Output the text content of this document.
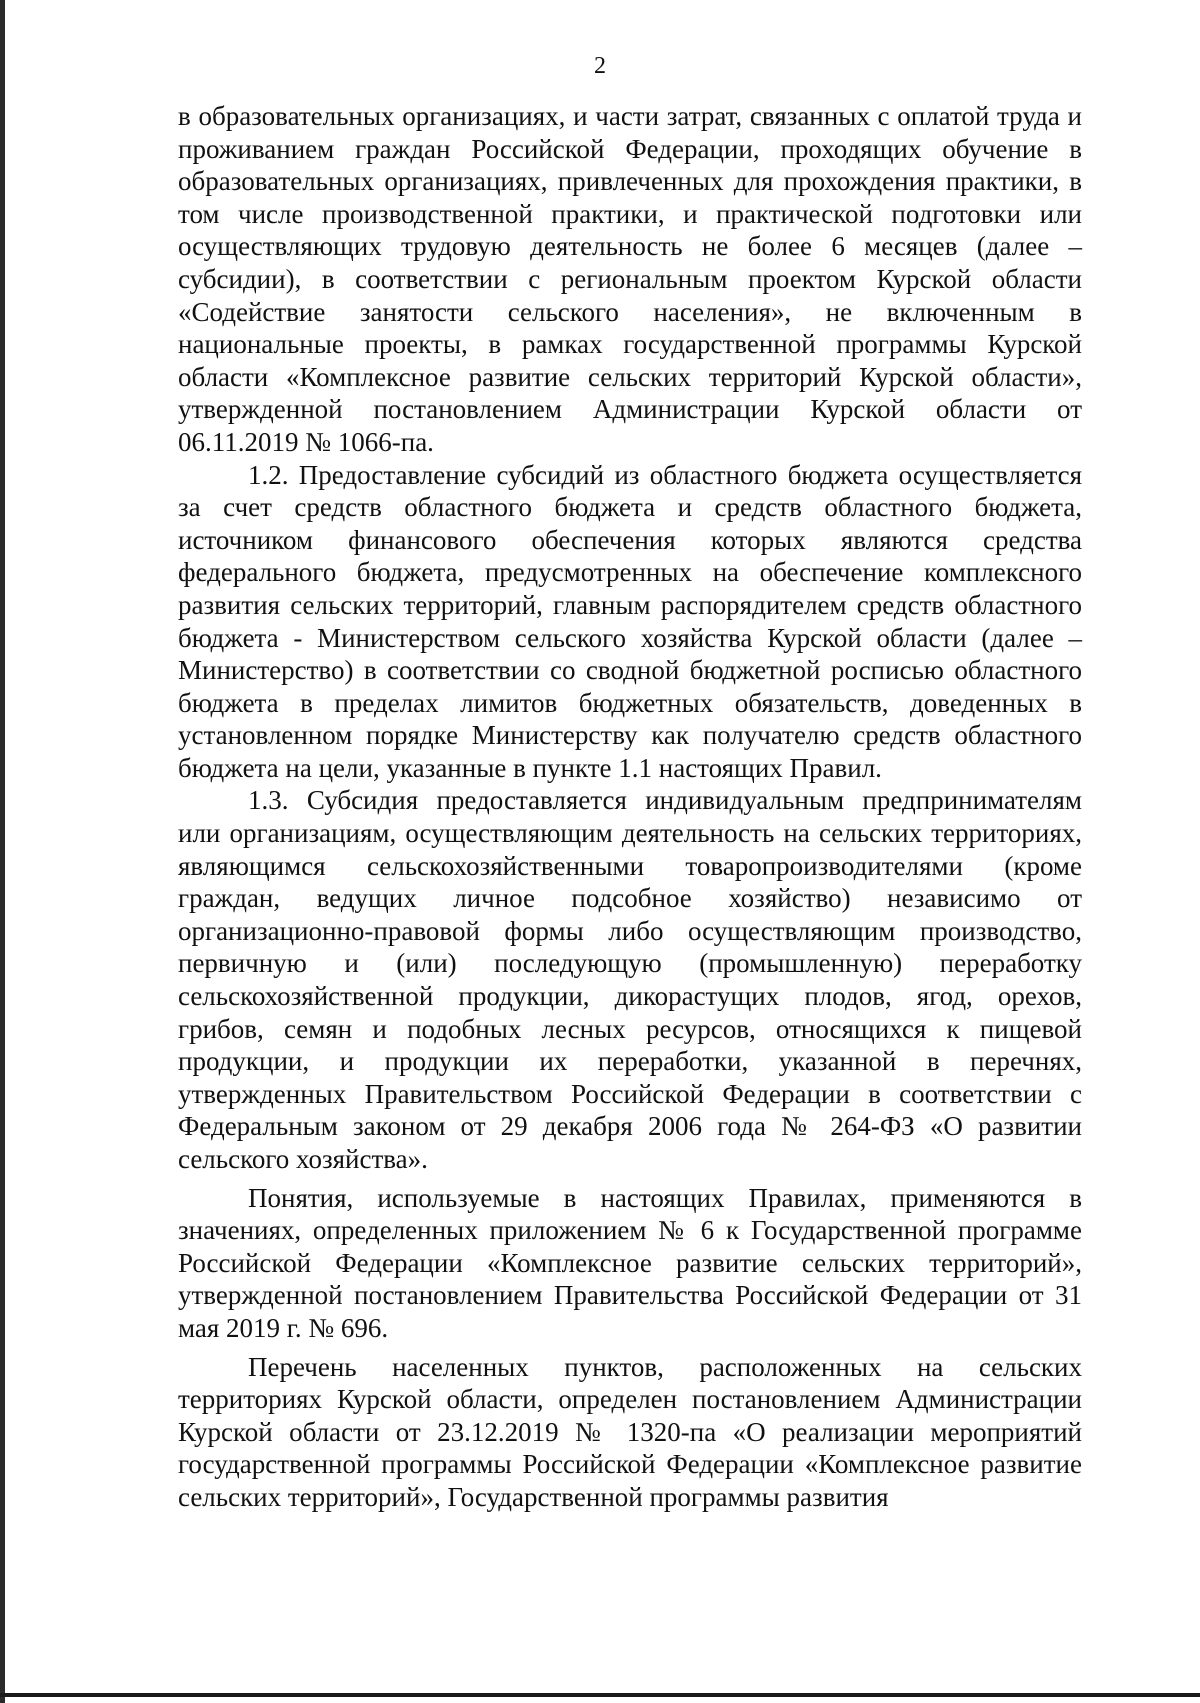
2

в образовательных организациях, и части затрат, связанных с оплатой труда и проживанием граждан Российской Федерации, проходящих обучение в образовательных организациях, привлеченных для прохождения практики, в том числе производственной практики, и практической подготовки или осуществляющих трудовую деятельность не более 6 месяцев (далее – субсидии), в соответствии с региональным проектом Курской области «Содействие занятости сельского населения», не включенным в национальные проекты, в рамках государственной программы Курской области «Комплексное развитие сельских территорий Курской области», утвержденной постановлением Администрации Курской области от 06.11.2019 № 1066-па.

1.2. Предоставление субсидий из областного бюджета осуществляется за счет средств областного бюджета и средств областного бюджета, источником финансового обеспечения которых являются средства федерального бюджета, предусмотренных на обеспечение комплексного развития сельских территорий, главным распорядителем средств областного бюджета - Министерством сельского хозяйства Курской области (далее – Министерство) в соответствии со сводной бюджетной росписью областного бюджета в пределах лимитов бюджетных обязательств, доведенных в установленном порядке Министерству как получателю средств областного бюджета на цели, указанные в пункте 1.1 настоящих Правил.

1.3. Субсидия предоставляется индивидуальным предпринимателям или организациям, осуществляющим деятельность на сельских территориях, являющимся сельскохозяйственными товаропроизводителями (кроме граждан, ведущих личное подсобное хозяйство) независимо от организационно-правовой формы либо осуществляющим производство, первичную и (или) последующую (промышленную) переработку сельскохозяйственной продукции, дикорастущих плодов, ягод, орехов, грибов, семян и подобных лесных ресурсов, относящихся к пищевой продукции, и продукции их переработки, указанной в перечнях, утвержденных Правительством Российской Федерации в соответствии с Федеральным законом от 29 декабря 2006 года № 264-ФЗ «О развитии сельского хозяйства».

Понятия, используемые в настоящих Правилах, применяются в значениях, определенных приложением № 6 к Государственной программе Российской Федерации «Комплексное развитие сельских территорий», утвержденной постановлением Правительства Российской Федерации от 31 мая 2019 г. № 696.

Перечень населенных пунктов, расположенных на сельских территориях Курской области, определен постановлением Администрации Курской области от 23.12.2019 № 1320-па «О реализации мероприятий государственной программы Российской Федерации «Комплексное развитие сельских территорий», Государственной программы развития
